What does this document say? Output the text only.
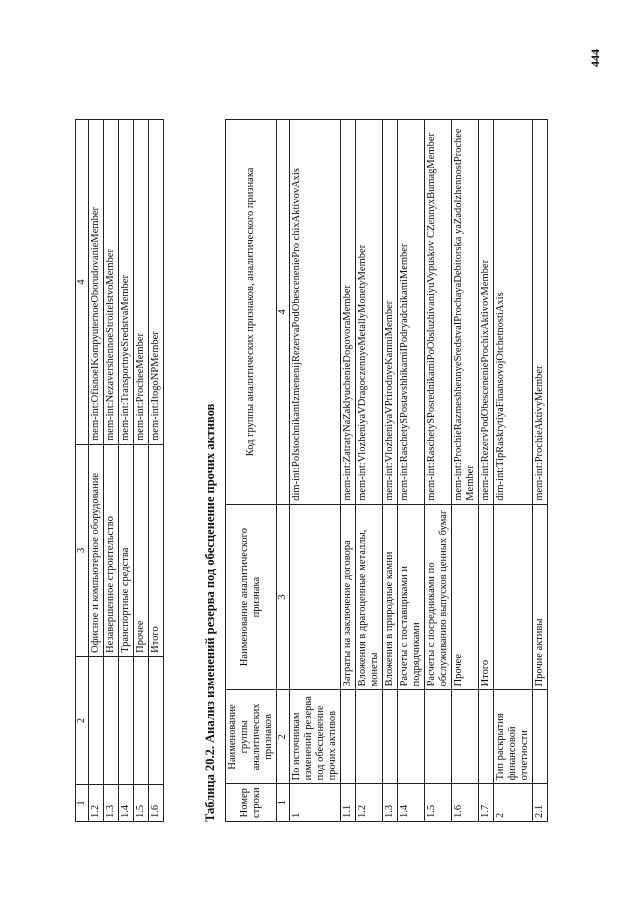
444
1	2	3	4
1.2		Офисное и компьютерное оборудование	mem-int:OfisnoeIKompyuternoeOborudovanieMember
1.3		Незавершенное строительство	mem-int:NezavershennoeStroitelstvoMember
1.4		Транспортные средства	mem-int:TransportnyeSredstvaMember
1.5		Прочее	mem-int:ProcheeMember
1.6		Итого	mem-int:ItogoNPMember
Таблица 20.2. Анализ изменений резерва под обесценение прочих активов Номер строки	Наименование группы аналитических признаков	Наименование аналитического признака	Код группы аналитических признаков, аналитического признака
1	2	3	4
1	По источникам изменений резерва под обесценение прочих активов		dim-int:PoIstochnikamIzmenenijRezervaPodObesceneniePro chixAktivovAxis
1.1		Затраты на заключение договора	mem-int:ZatratyNaZaklyuchenieDogovoraMember
1.2		Вложения в драгоценные металлы, монеты	mem-int:VlozheniyaVDragoczennyeMetallyMonetyMember
1.3		Вложения в природные камни	mem-int:VlozheniyaVPrirodnyeKamniMember
1.4		Расчеты с поставщиками и подрядчиками	mem-int:RaschetySPostavshhikamiIPodryadchikamiMember
1.5		Расчеты с посредниками по обслуживанию выпусков ценных бумаг	mem-int:RaschetySPosrednikamiPoObsluzhivaniyuVypuskov CZennyxBumagMember
1.6		Прочее	mem-int:ProchieRazmeshhennyeSredstvaIProchayaDebitorska yaZadolzhennostProcheeMember
1.7		Итого	mem-int:RezervPodObescenenieProchixAktivovMember
2	Тип раскрытия финансовой отчетности		dim-int:TipRaskrytiyaFinansovojOtchetnostiAxis
2.1		Прочие активы	mem-int:ProchieAktivyMember
